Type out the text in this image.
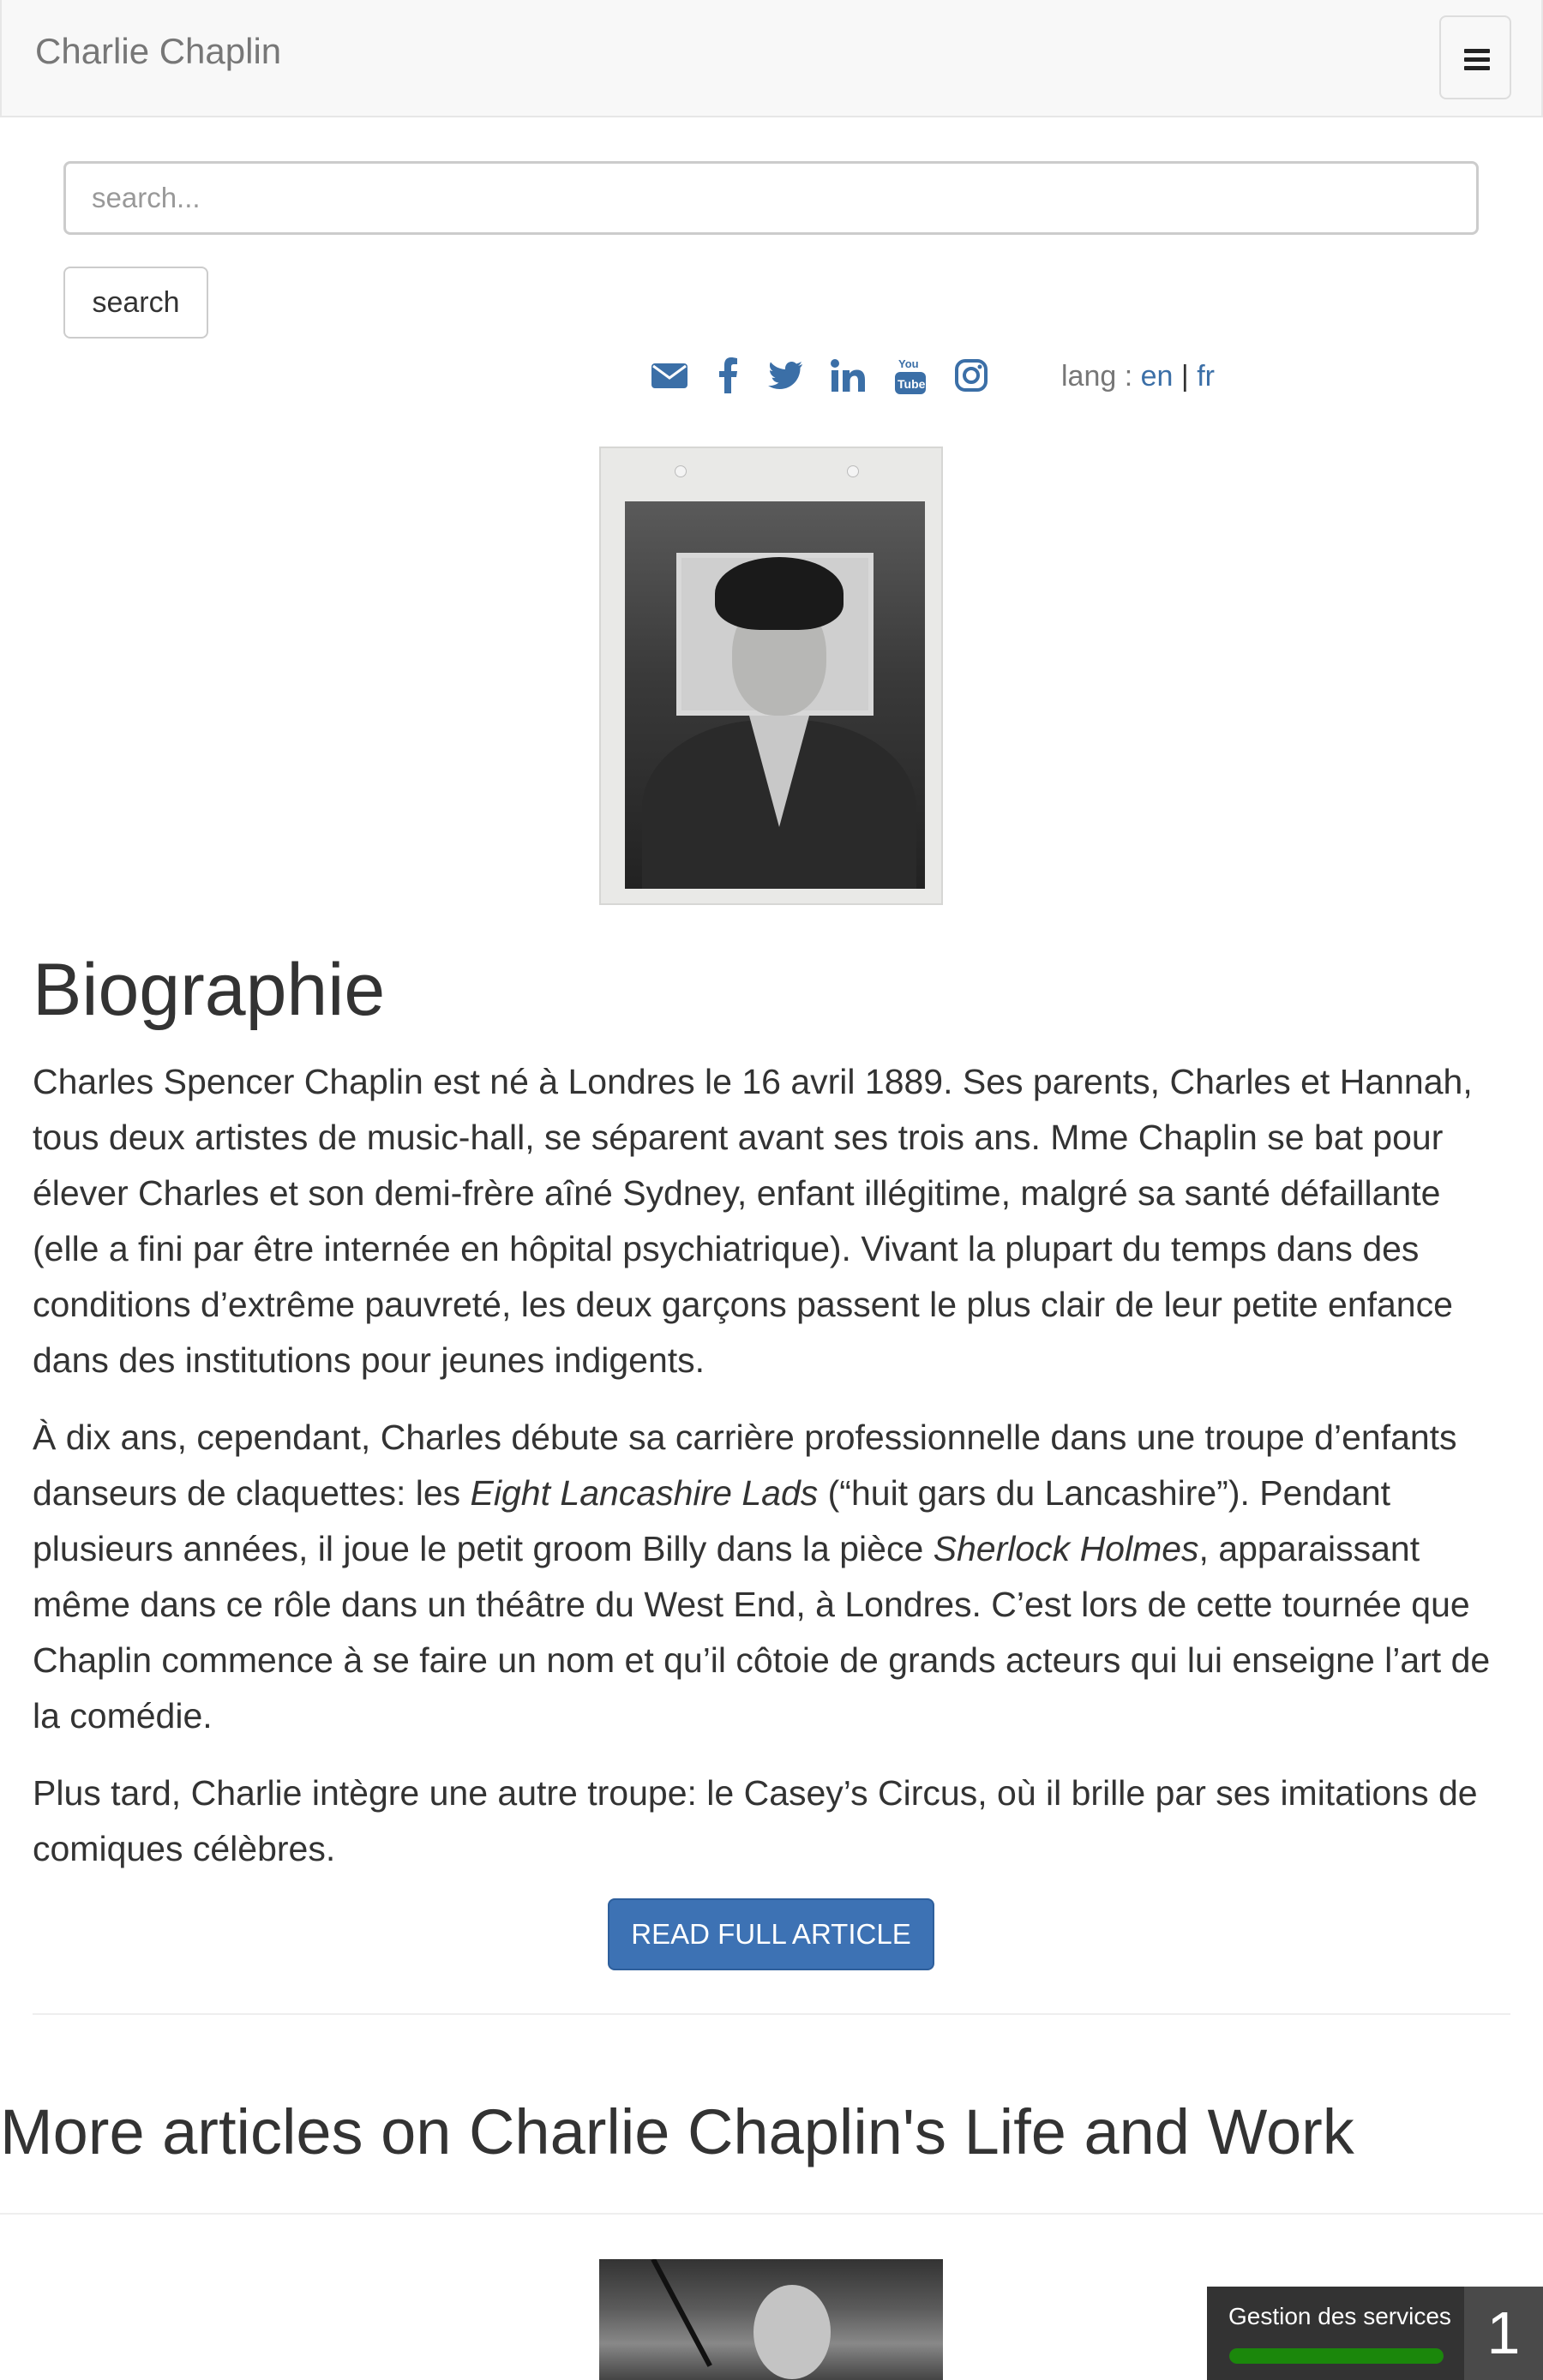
Charlie Chaplin
search...
search
You
Tube	lang : en | fr
Biographie

Charles Spencer Chaplin est né à Londres le 16 avril 1889. Ses parents, Charles et Hannah, tous deux artistes de music-hall, se séparent avant ses trois ans. Mme Chaplin se bat pour élever Charles et son demi-frère aîné Sydney, enfant illégitime, malgré sa santé défaillante (elle a fini par être internée en hôpital psychiatrique). Vivant la plupart du temps dans des conditions d’extrême pauvreté, les deux garçons passent le plus clair de leur petite enfance dans des institutions pour jeunes indigents.

À dix ans, cependant, Charles débute sa carrière professionnelle dans une troupe d’enfants danseurs de claquettes: les Eight Lancashire Lads (“huit gars du Lancashire”). Pendant plusieurs années, il joue le petit groom Billy dans la pièce Sherlock Holmes, apparaissant même dans ce rôle dans un théâtre du West End, à Londres. C’est lors de cette tournée que Chaplin commence à se faire un nom et qu’il côtoie de grands acteurs qui lui enseigne l’art de la comédie.

Plus tard, Charlie intègre une autre troupe: le Casey’s Circus, où il brille par ses imitations de comiques célèbres.

READ FULL ARTICLE
More articles on Charlie Chaplin's Life and Work
Gestion des services 1
